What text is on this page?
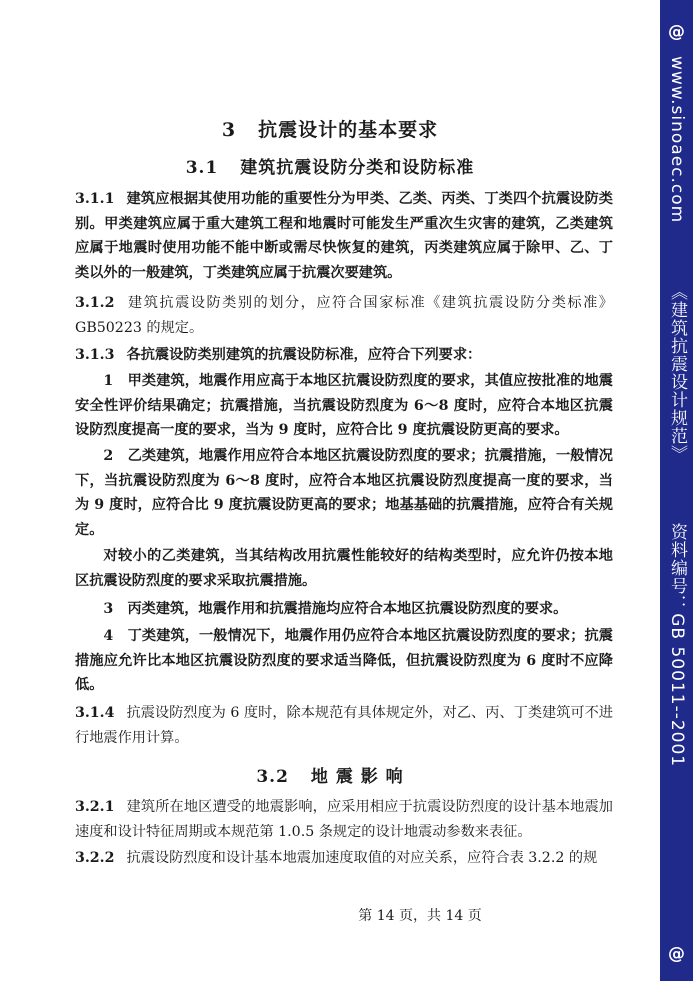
3 抗震设计的基本要求
3.1 建筑抗震设防分类和设防标准
3.1.1 建筑应根据其使用功能的重要性分为甲类、乙类、丙类、丁类四个抗震设防类别。甲类建筑应属于重大建筑工程和地震时可能发生严重次生灾害的建筑，乙类建筑应属于地震时使用功能不能中断或需尽快恢复的建筑，丙类建筑应属于除甲、乙、丁类以外的一般建筑，丁类建筑应属于抗震次要建筑。
3.1.2 建筑抗震设防类别的划分，应符合国家标准《建筑抗震设防分类标准》GB50223 的规定。
3.1.3 各抗震设防类别建筑的抗震设防标准，应符合下列要求：
1　甲类建筑，地震作用应高于本地区抗震设防烈度的要求，其值应按批准的地震安全性评价结果确定；抗震措施，当抗震设防烈度为 6～8 度时，应符合本地区抗震设防烈度提高一度的要求，当为 9 度时，应符合比 9 度抗震设防更高的要求。
2　乙类建筑，地震作用应符合本地区抗震设防烈度的要求；抗震措施，一般情况下，当抗震设防烈度为 6～8 度时，应符合本地区抗震设防烈度提高一度的要求，当为 9 度时，应符合比 9 度抗震设防更高的要求；地基基础的抗震措施，应符合有关规定。
对较小的乙类建筑，当其结构改用抗震性能较好的结构类型时，应允许仍按本地区抗震设防烈度的要求采取抗震措施。
3　丙类建筑，地震作用和抗震措施均应符合本地区抗震设防烈度的要求。
4　丁类建筑，一般情况下，地震作用仍应符合本地区抗震设防烈度的要求；抗震措施应允许比本地区抗震设防烈度的要求适当降低，但抗震设防烈度为 6 度时不应降低。
3.1.4 抗震设防烈度为 6 度时，除本规范有具体规定外，对乙、丙、丁类建筑可不进行地震作用计算。
3.2 地 震 影 响
3.2.1 建筑所在地区遭受的地震影响，应采用相应于抗震设防烈度的设计基本地震加速度和设计特征周期或本规范第 1.0.5 条规定的设计地震动参数来表征。
3.2.2 抗震设防烈度和设计基本地震加速度取值的对应关系，应符合表 3.2.2 的规
第 14 页，共 14 页
@
www.sinoaec.com《建筑抗震设计规范》资料编号：GB 50011--2001
@
